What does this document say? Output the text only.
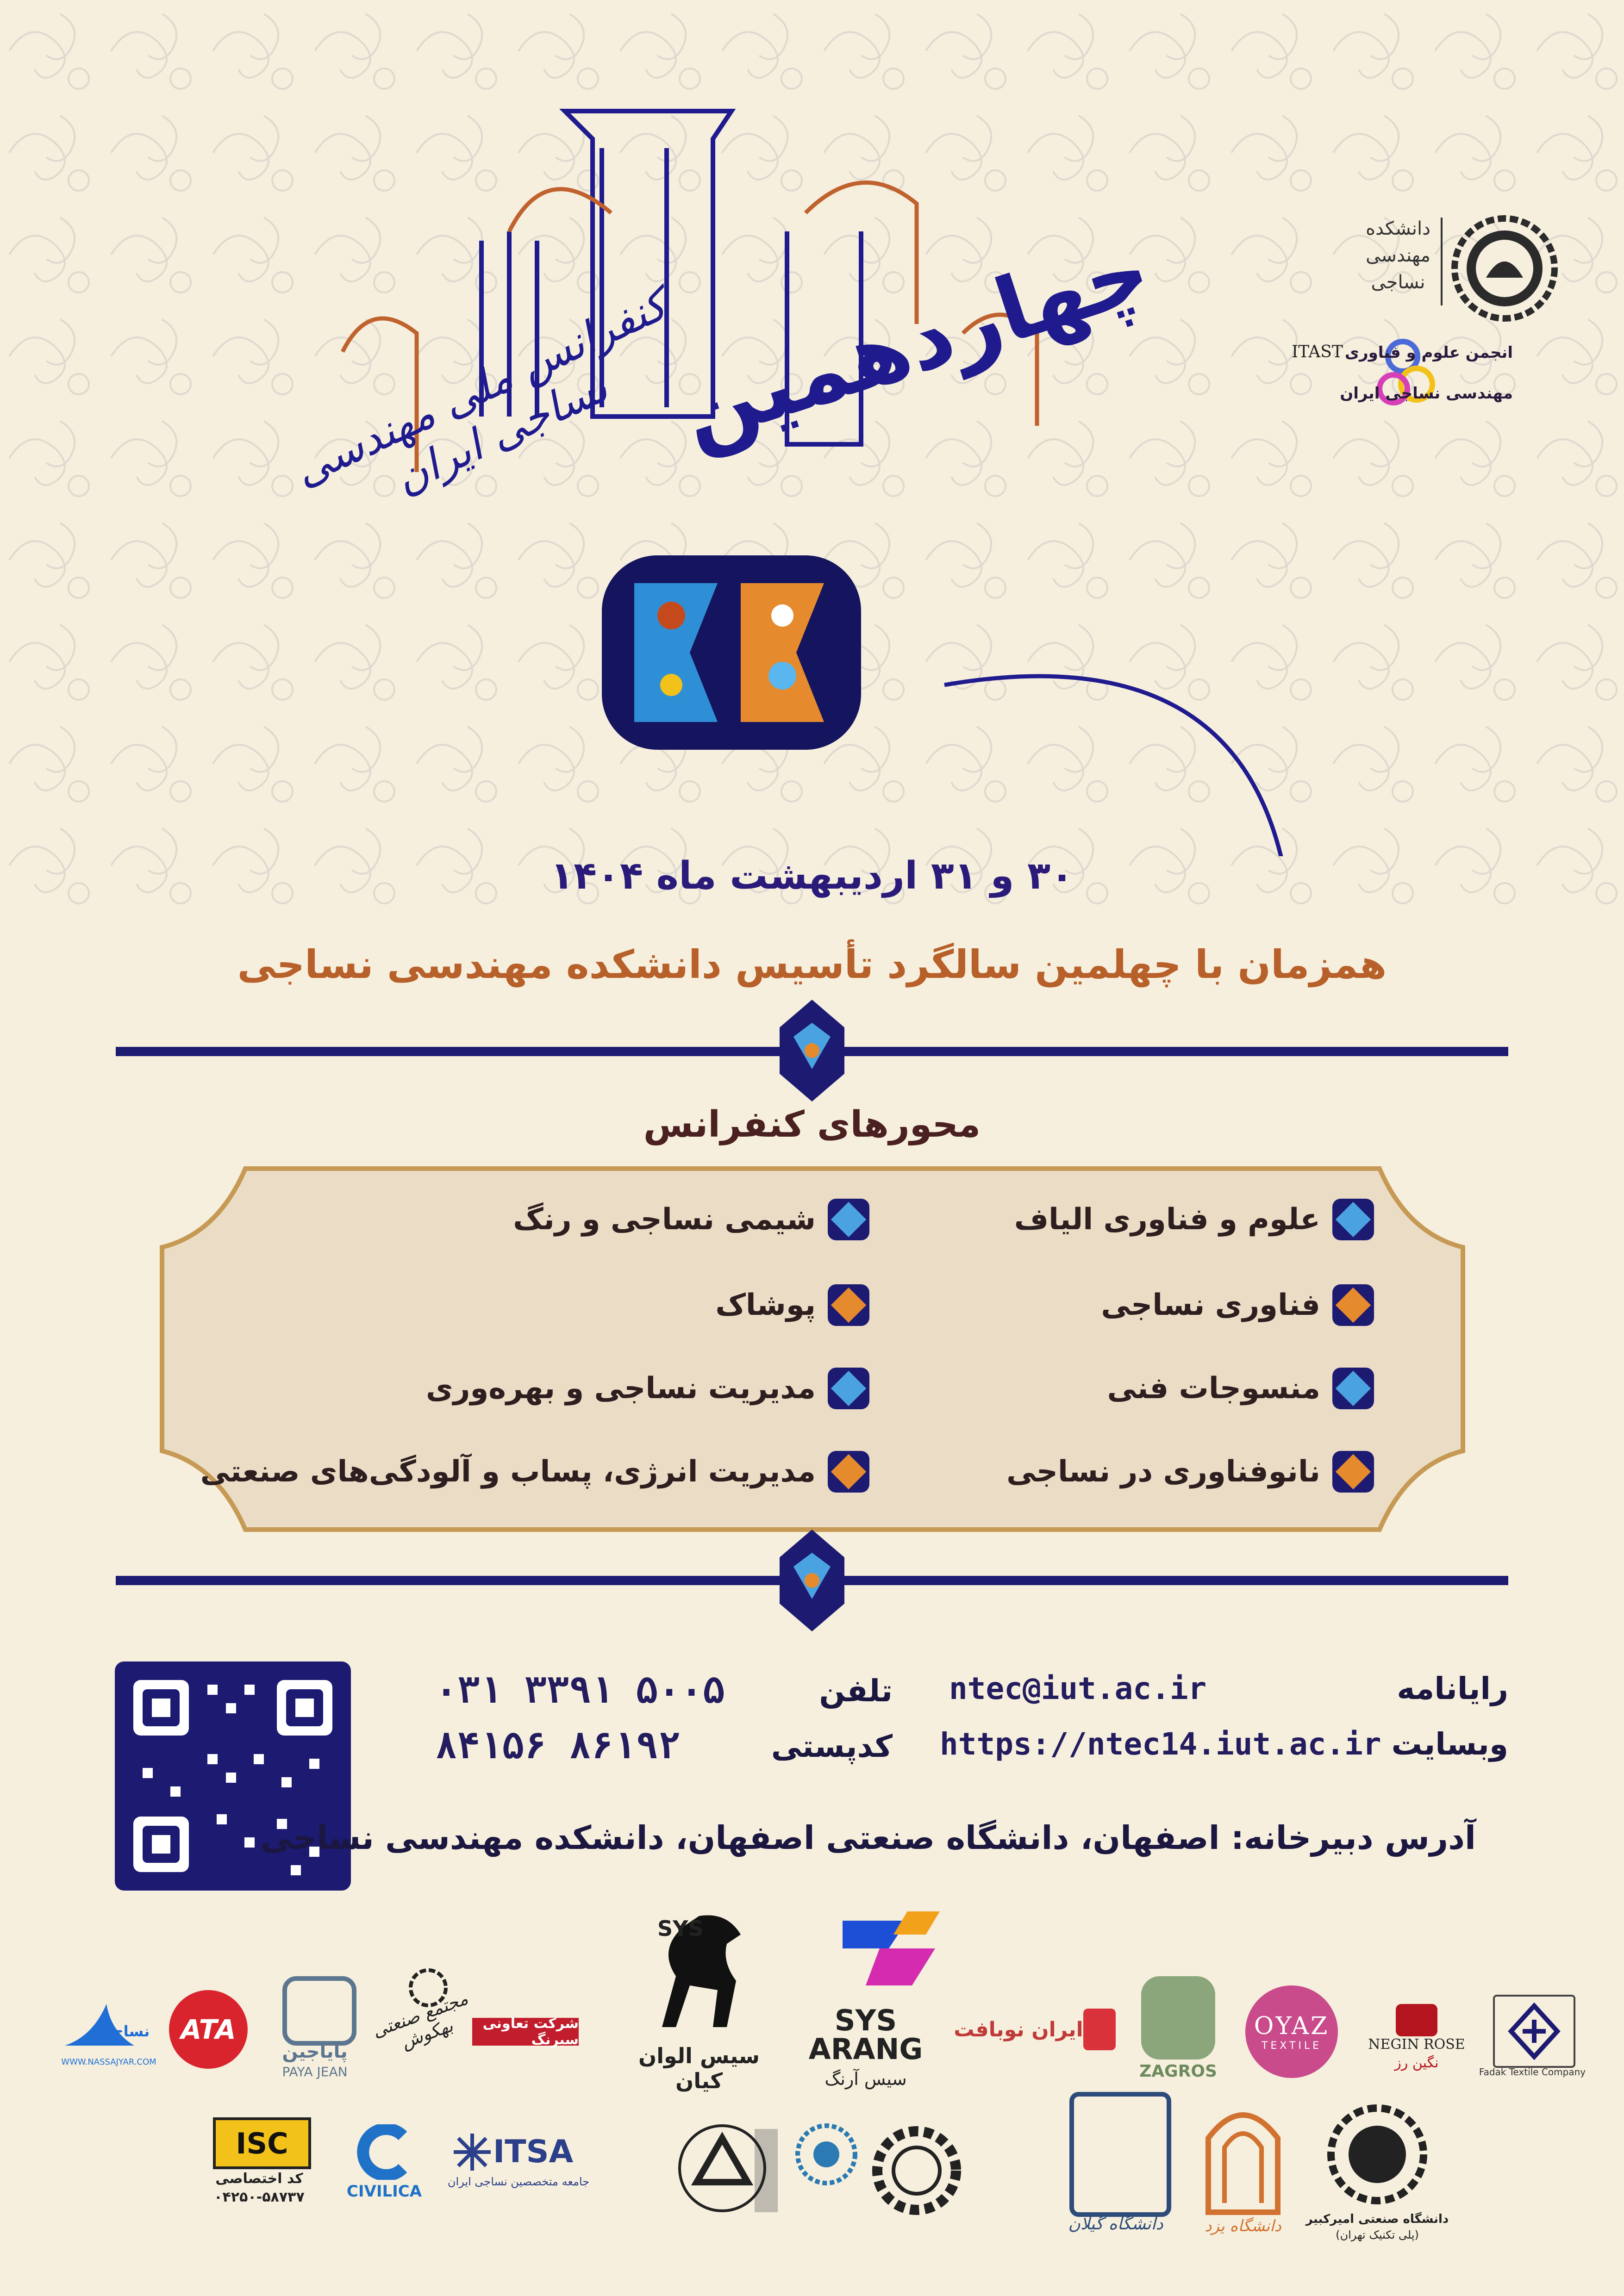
دانشکده
مهندسی
نساجی
ITAST انجمن علوم و فناوری
مهندسی نساجی ایران
چهاردهمین
کنفرانس ملی مهندسی نساجی ایران
۳۰ و ۳۱ اردیبهشت ماه ۱۴۰۴
همزمان با چهلمین سالگرد تأسیس دانشکده مهندسی نساجی
محورهای کنفرانس
علوم و فناوری الیاف
فناوری نساجی
منسوجات فنی
نانوفناوری در نساجی
شیمی نساجی و رنگ
پوشاک
مدیریت نساجی و بهره‌وری
مدیریت انرژی، پساب و آلودگی‌های صنعتی
رایانامه
وبسایت
ntec@iut.ac.ir
https://ntec14.iut.ac.ir
تلفن
کدپستی
۰۳۱ ۳۳۹۱ ۵۰۰۵
۸۴۱۵۶ ۸۶۱۹۲
آدرس دبیرخانه: اصفهان، دانشگاه صنعتی اصفهان، دانشکده مهندسی نساجی
Fadak Textile Company
NEGIN ROSE
نگین رز
OYAZ
TEXTILE
ZAGROS
ایران نوبافت
SYS ARANG
سیس آرنگ
SYS
سیس الوان کیان
شرکت تعاونی سیرنگ
مجتمع صنعتی بهکوش
پایاجین
PAYA JEAN
ATA
نساج یار
WWW.NASSAJYAR.COM
دانشگاه صنعتی امیرکبیر
(پلی تکنیک تهران)
دانشگاه یزد
دانشگاه گیلان
ITSA
جامعه متخصصین نساجی ایران
CIVILICA
ISC
کد اختصاصی
۰۴۲۵۰-۵۸۷۳۷
